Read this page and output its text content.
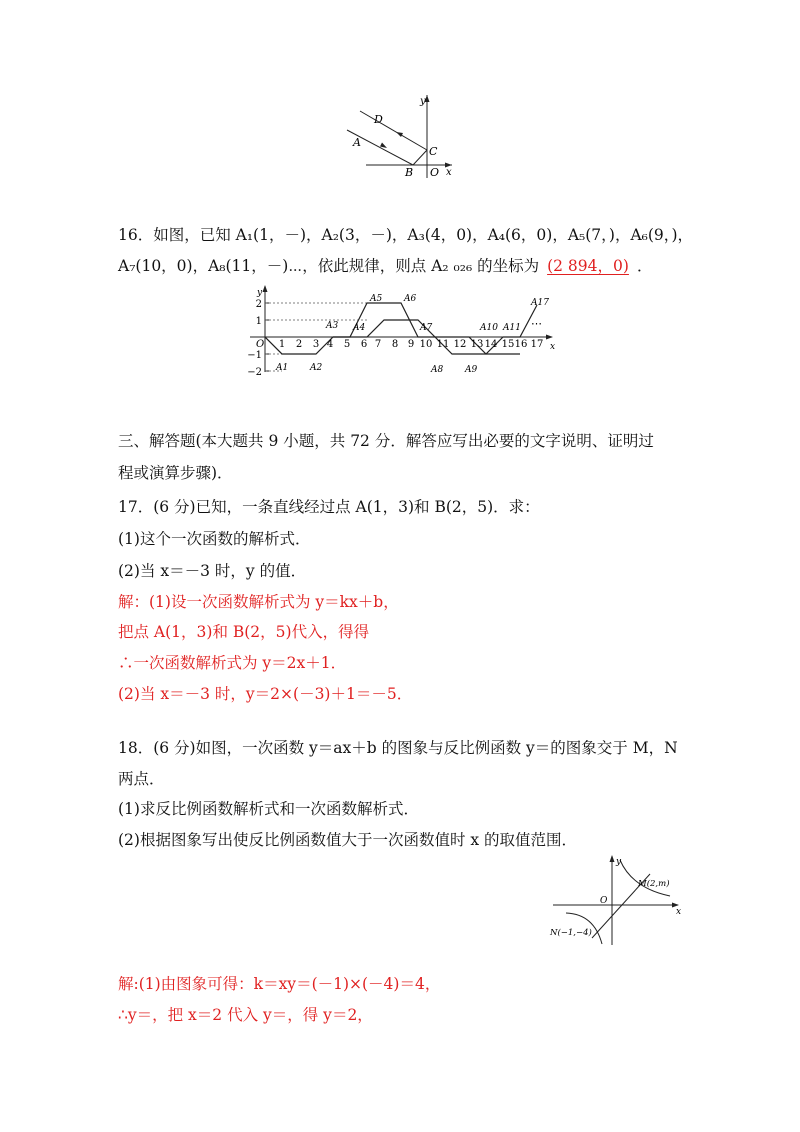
y
x
D
A
C
B O
16．如图，已知 A₁(1，－)，A₂(3，－)，A₃(4，0)，A₄(6，0)，A₅(7，)，A₆(9，)，
A₇(10，0)，A₈(11，－)⋯，依此规律，则点 A₂ ₀₂₆ 的坐标为 (2 894，0) ．
y
x
O 1 2 3 4 5 6 7 8 9 10 11 12 13 14 15 16 17
2
1
−1
−2 A1 A2
A3 A4
A5 A6
A7
A8 A9
A10 A11
A17
⋯
三、解答题(本大题共 9 小题，共 72 分．解答应写出必要的文字说明、证明过
程或演算步骤)．
17．(6 分)已知，一条直线经过点 A(1，3)和 B(2，5)．求：
(1)这个一次函数的解析式．
(2)当 x＝－3 时，y 的值．
解：(1)设一次函数解析式为 y＝kx＋b，
把点 A(1，3)和 B(2，5)代入，得得
∴一次函数解析式为 y＝2x＋1．
(2)当 x＝－3 时，y＝2×(－3)＋1＝－5．
18．(6 分)如图，一次函数 y＝ax＋b 的图象与反比例函数 y＝的图象交于 M，N
两点．
(1)求反比例函数解析式和一次函数解析式．
(2)根据图象写出使反比例函数值大于一次函数值时 x 的取值范围．
y
x
O
M(2,m)
N(−1,−4)
解:(1)由图象可得：k＝xy＝(－1)×(－4)＝4，
∴y＝，把 x＝2 代入 y＝，得 y＝2，
